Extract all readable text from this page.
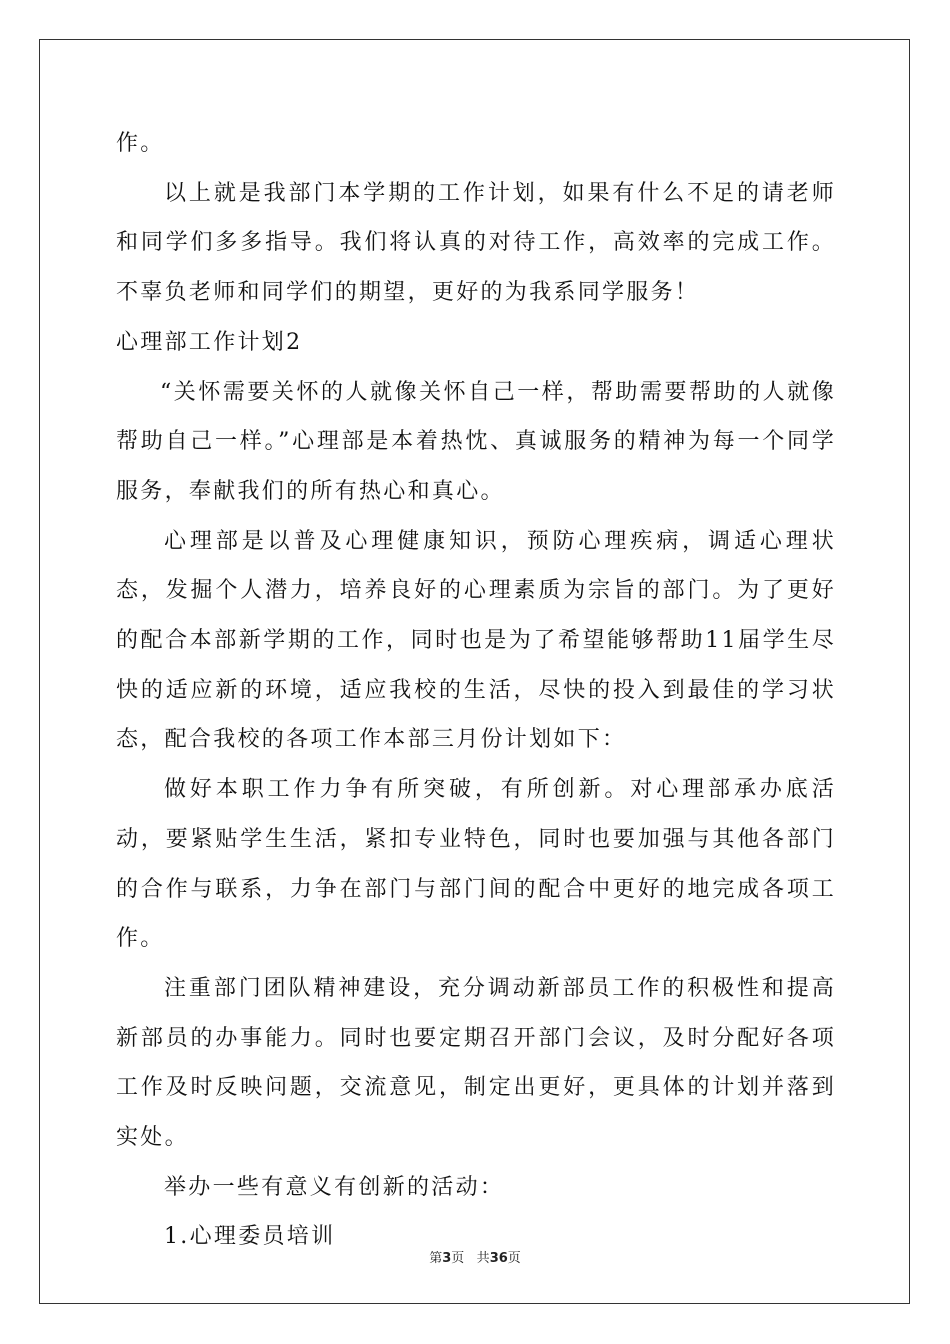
作。

以上就是我部门本学期的工作计划，如果有什么不足的请老师和同学们多多指导。我们将认真的对待工作，高效率的完成工作。不辜负老师和同学们的期望，更好的为我系同学服务！

心理部工作计划2

“关怀需要关怀的人就像关怀自己一样，帮助需要帮助的人就像帮助自己一样。”心理部是本着热忱、真诚服务的精神为每一个同学服务，奉献我们的所有热心和真心。

心理部是以普及心理健康知识，预防心理疾病，调适心理状态，发掘个人潜力，培养良好的心理素质为宗旨的部门。为了更好的配合本部新学期的工作，同时也是为了希望能够帮助11届学生尽快的适应新的环境，适应我校的生活，尽快的投入到最佳的学习状态，配合我校的各项工作本部三月份计划如下：

做好本职工作力争有所突破，有所创新。对心理部承办底活动，要紧贴学生生活，紧扣专业特色，同时也要加强与其他各部门的合作与联系，力争在部门与部门间的配合中更好的地完成各项工作。

注重部门团队精神建设，充分调动新部员工作的积极性和提高新部员的办事能力。同时也要定期召开部门会议，及时分配好各项工作及时反映问题，交流意见，制定出更好，更具体的计划并落到实处。

举办一些有意义有创新的活动：

1.心理委员培训

第3页 共36页
